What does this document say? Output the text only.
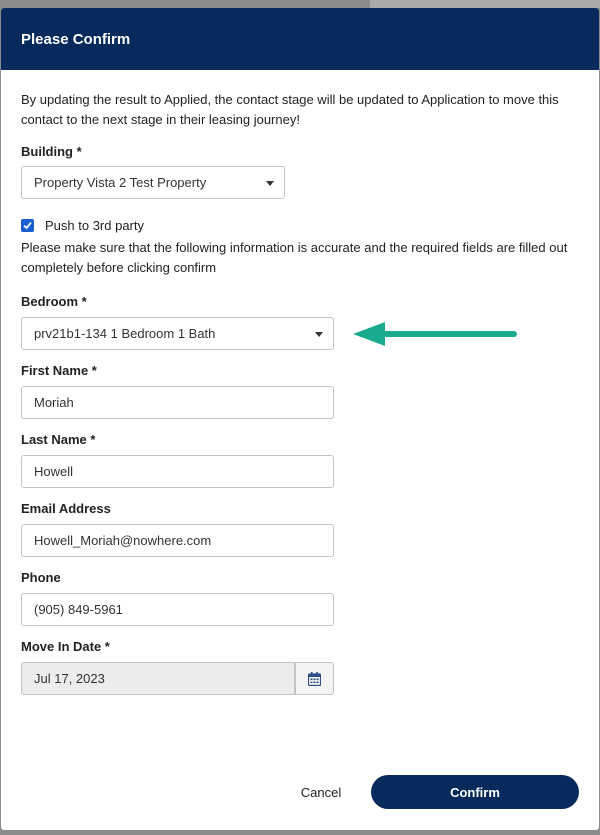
Please Confirm
By updating the result to Applied, the contact stage will be updated to Application to move this contact to the next stage in their leasing journey!
Building *
Property Vista 2 Test Property
Push to 3rd party
Please make sure that the following information is accurate and the required fields are filled out completely before clicking confirm
Bedroom *
prv21b1-134 1 Bedroom 1 Bath
First Name *
Moriah
Last Name *
Howell
Email Address
Howell_Moriah@nowhere.com
Phone
(905) 849-5961
Move In Date *
Jul 17, 2023
Cancel	Confirm
